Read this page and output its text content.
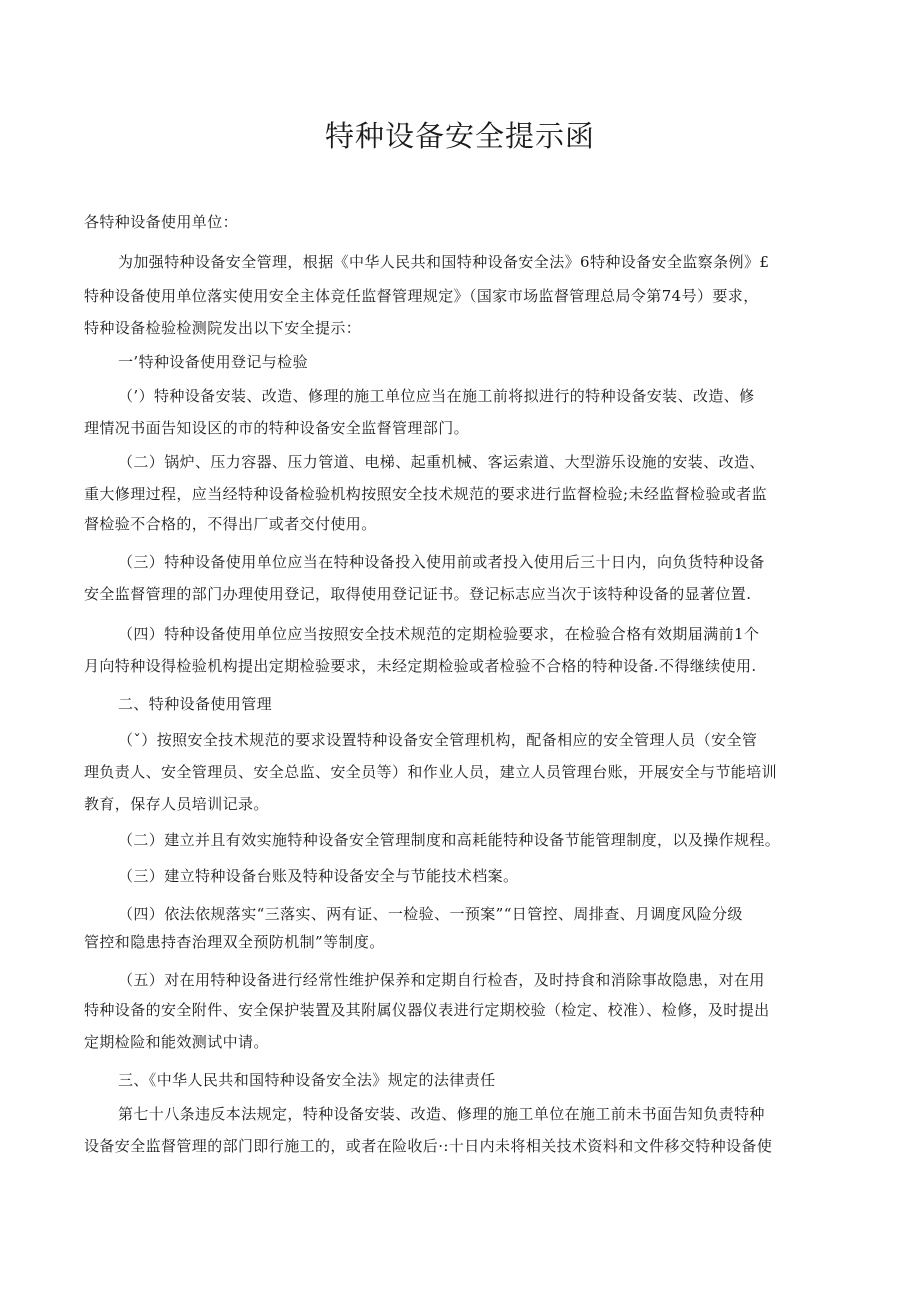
特种设备安全提示函
各特种设备使用单位：
为加强特种设备安全管理，根据《中华人民共和国特种设备安全法》6特种设备安全监察条例》£
特种设备使用单位落实使用安全主体竞任监督管理规定》（国家市场监督管理总局令第74号）要求，
特种设备检验检测院发出以下安全提示：
一’特种设备使用登记与检验
（’）特种设备安装、改造、修理的施工单位应当在施工前将拟进行的特种设备安装、改造、修
理情况书面告知设区的市的特种设备安全监督管理部门。
（二）锅炉、压力容器、压力管道、电梯、起重机械、客运索道、大型游乐设施的安装、改造、
重大修理过程，应当经特种设备检验机构按照安全技术规范的要求进行监督检验;未经监督检验或者监
督检验不合格的，不得出厂或者交付使用。
（三）特种设备使用单位应当在特种设备投入使用前或者投入使用后三十日内，向负货特种设备
安全监督管理的部门办理使用登记，取得使用登记证书。登记标志应当次于该特种设备的显著位置.
（四）特种设备使用单位应当按照安全技术规范的定期检验要求，在检验合格有效期届满前1个
月向特种设得检验机构提出定期检验要求，未经定期检验或者检验不合格的特种设备.不得继续使用.
二、特种设备使用管理
（ˇ）按照安全技术规范的要求设置特种设备安全管理机构，配备相应的安全管理人员（安全管
理负责人、安全管理员、安全总监、安全员等）和作业人员，建立人员管理台账，开展安全与节能培训
教育，保存人员培训记录。
（二）建立并且有效实施特种设备安全管理制度和高耗能特种设备节能管理制度，以及操作规程。
（三）建立特种设备台账及特种设备安全与节能技术档案。
（四）依法依规落实“三落实、两有证、一检验、一预案”“日管控、周排查、月调度风险分级
管控和隐患持杳治理双全预防机制”等制度。
（五）对在用特种设备进行经常性维护保养和定期自行检杳，及时持食和消除事故隐患，对在用
特种设备的安全附件、安全保护装置及其附属仪器仪表进行定期校验（检定、校准）、检修，及时提出
定期检险和能效测试中请。
三、《中华人民共和国特种设备安全法》规定的法律责任
第七十八条违反本法规定，特种设备安装、改造、修理的施工单位在施工前未书面告知负责特种
设备安全监督管理的部门即行施工的，或者在险收后·:十日内未将相关技术资料和文件移交特种设备使
